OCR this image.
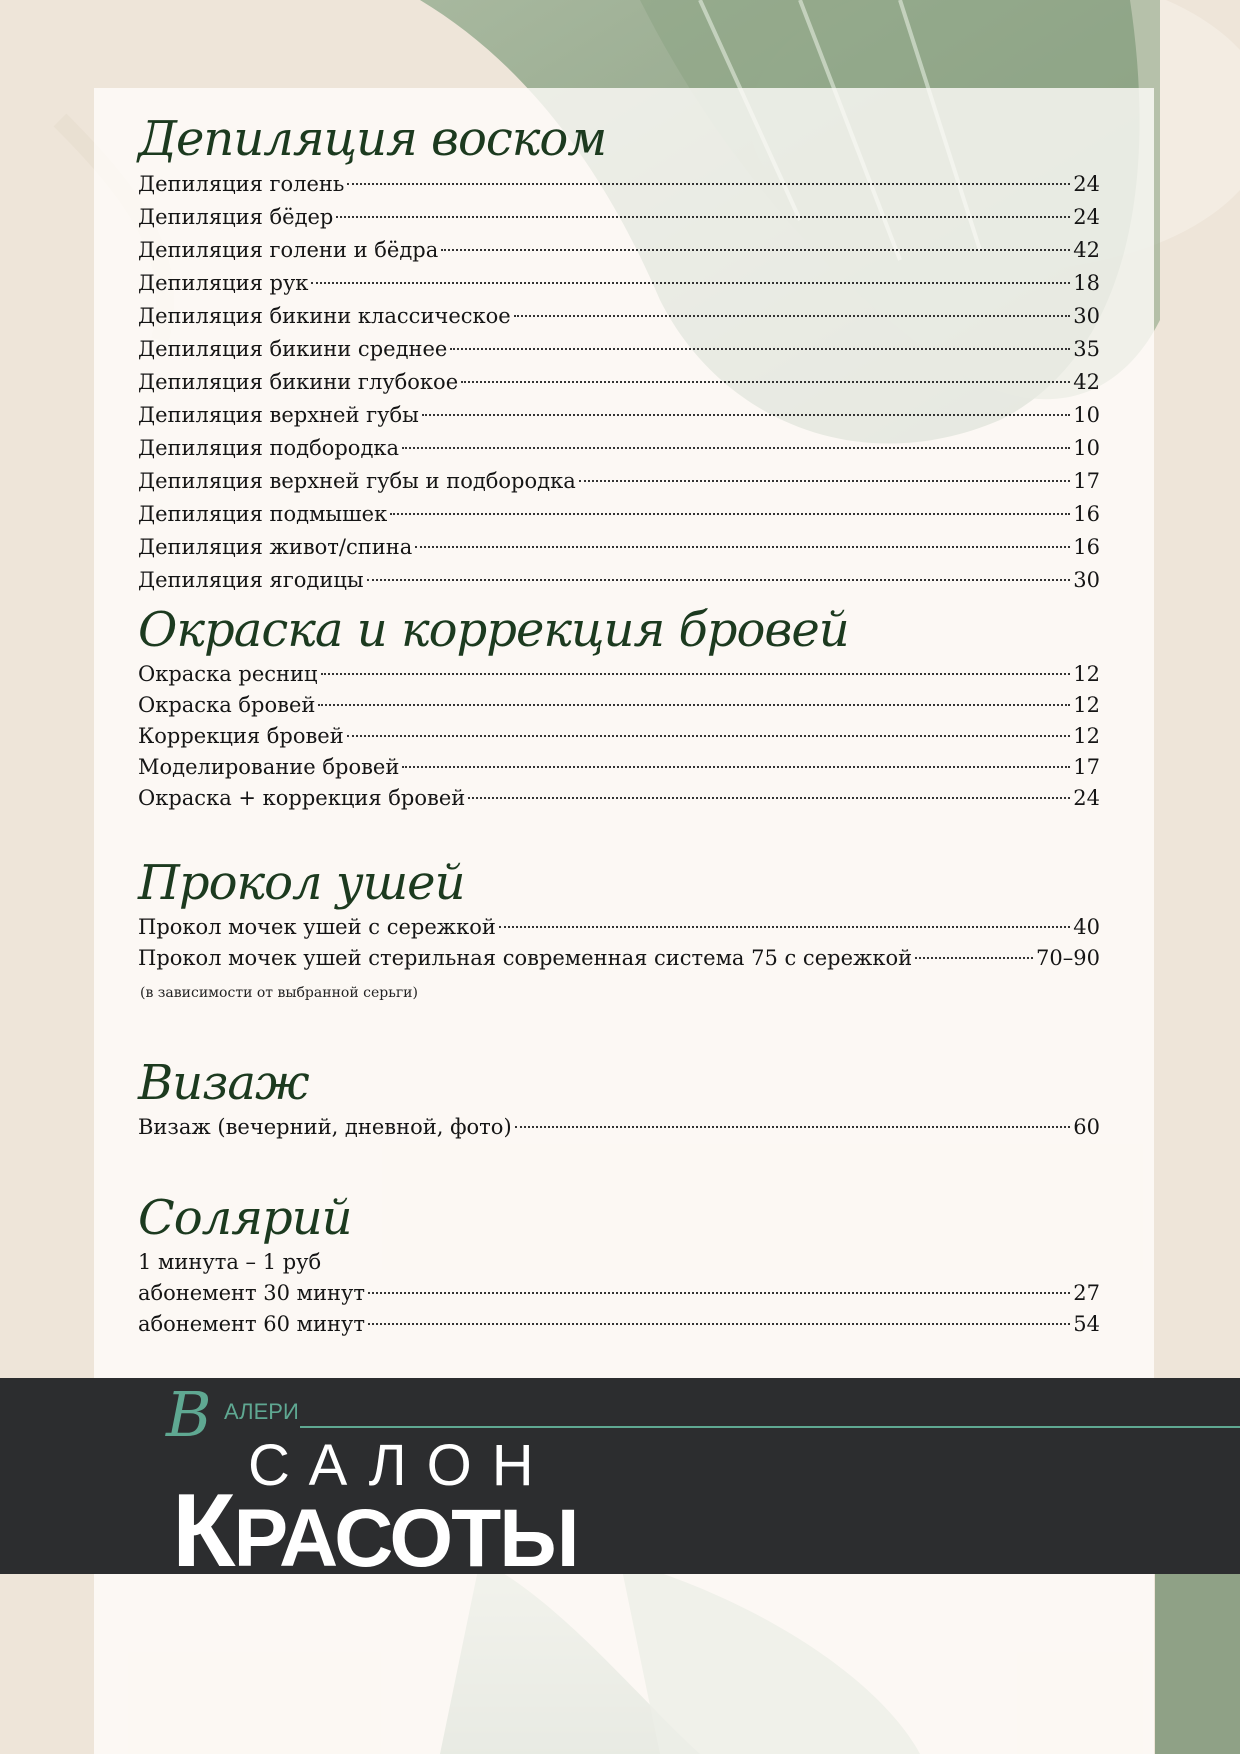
Депиляция воском
Депиляция голень	24
Депиляция бёдер	24
Депиляция голени и бёдра	42
Депиляция рук	18
Депиляция бикини классическое	30
Депиляция бикини среднее	35
Депиляция бикини глубокое	42
Депиляция верхней губы	10
Депиляция подбородка	10
Депиляция верхней губы и подбородка	17
Депиляция подмышек	16
Депиляция живот/спина	16
Депиляция ягодицы	30
Окраска и коррекция бровей
Окраска ресниц	12
Окраска бровей	12
Коррекция бровей	12
Моделирование бровей	17
Окраска + коррекция бровей	24
Прокол ушей
Прокол мочек ушей с сережкой	40
Прокол мочек ушей стерильная современная система 75 с сережкой	70–90
(в зависимости от выбранной серьги)
Визаж
Визаж (вечерний, дневной, фото)	60
Солярий
1 минута – 1 руб
абонемент 30 минут	27
абонемент 60 минут	54
В АЛЕРИ
САЛОН
КРАСОТЫ
